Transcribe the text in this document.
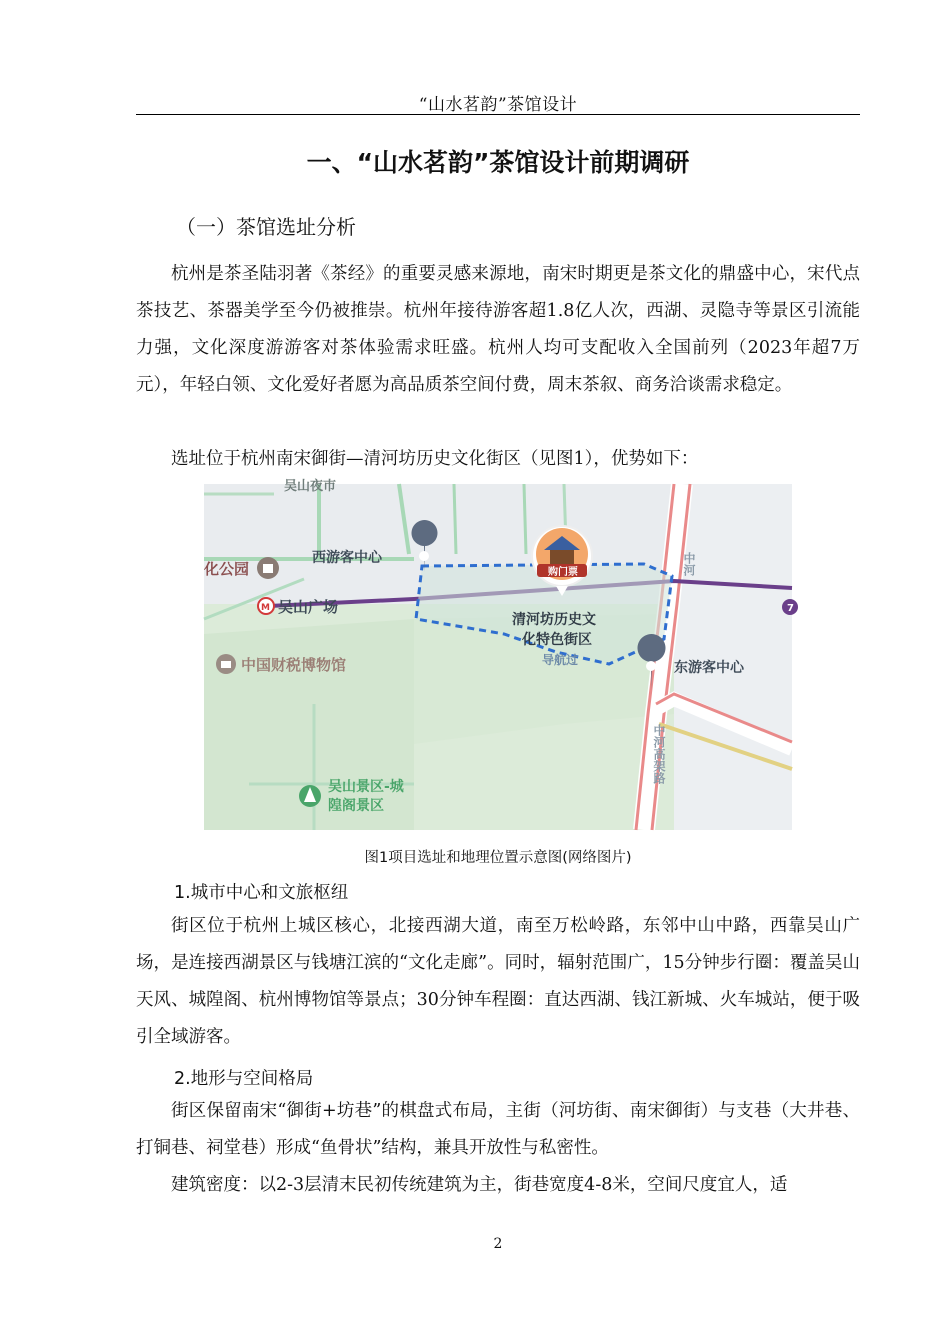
“山水茗韵”茶馆设计
一、“山水茗韵”茶馆设计前期调研
（一）茶馆选址分析

杭州是茶圣陆羽著《茶经》的重要灵感来源地，南宋时期更是茶文化的鼎盛中心，宋代点茶技艺、茶器美学至今仍被推崇。杭州年接待游客超1.8亿人次，西湖、灵隐寺等景区引流能力强，文化深度游游客对茶体验需求旺盛。杭州人均可支配收入全国前列（2023年超7万元），年轻白领、文化爱好者愿为高品质茶空间付费，周末茶叙、商务洽谈需求稳定。

选址位于杭州南宋御街—清河坊历史文化街区（见图1），优势如下：

7
购门票
M
吴山夜巿
西游客中心
化公园
吴山广场
清河坊历史文
化特色街区
导航过	东游客中心
中国财税博物馆
吴山景区-城
隍阁景区
中河
中河高架路
图1项目选址和地理位置示意图(网络图片)
1.城市中心和文旅枢纽

街区位于杭州上城区核心，北接西湖大道，南至万松岭路，东邻中山中路，西靠吴山广场，是连接西湖景区与钱塘江滨的“文化走廊”。同时，辐射范围广，15分钟步行圈：覆盖吴山天风、城隍阁、杭州博物馆等景点；30分钟车程圈：直达西湖、钱江新城、火车城站，便于吸引全域游客。

2.地形与空间格局

街区保留南宋“御街+坊巷”的棋盘式布局，主街（河坊街、南宋御街）与支巷（大井巷、打铜巷、祠堂巷）形成“鱼骨状”结构，兼具开放性与私密性。

建筑密度：以2-3层清末民初传统建筑为主，街巷宽度4-8米，空间尺度宜人，适

2
